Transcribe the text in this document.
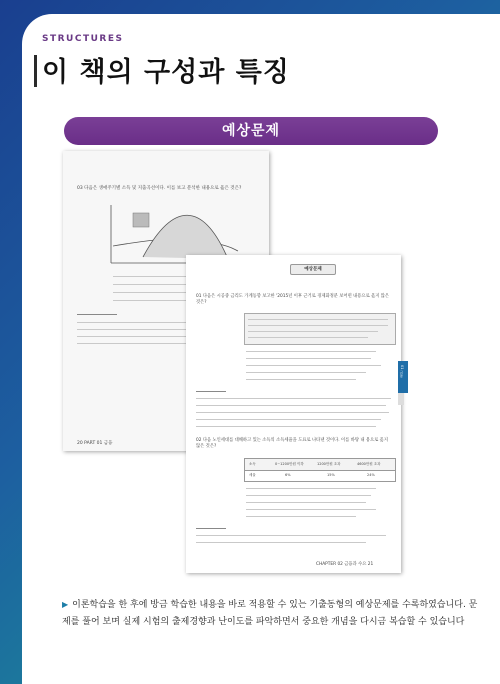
STRUCTURES
이 책의 구성과 특징
예상문제
03 다음은 생애주기별 소득 및 지출곡선이다. 이를 보고 분석한 내용으로 옳은 것은?
20 PART 01 금융
01 다음은 시공중 금리도 가계동향 보고한 '2015년 이후 근거로 경제화정분 보어떤 내용으로 옳지 않은 것은?
02 다음 노인세대를 대해하고 있는 소득의 소득세율을 도표로 나타낸 것이다. 이를 바탕 내 용으로 옳지 않은 것은?
소득	0~1200만원 이하	1200만원 초과	4600만원 초과
세율	6%	15%	24%
CHAPTER 02 금융과 수요 21
예상문제
01 금융
▶ 이론학습을 한 후에 방금 학습한 내용을 바로 적용할 수 있는 기출동형의 예상문제를 수록하였습니다. 문제를 풀어 보며 실제 시험의 출제경향과 난이도를 파악하면서 중요한 개념을 다시금 복습할 수 있습니다
